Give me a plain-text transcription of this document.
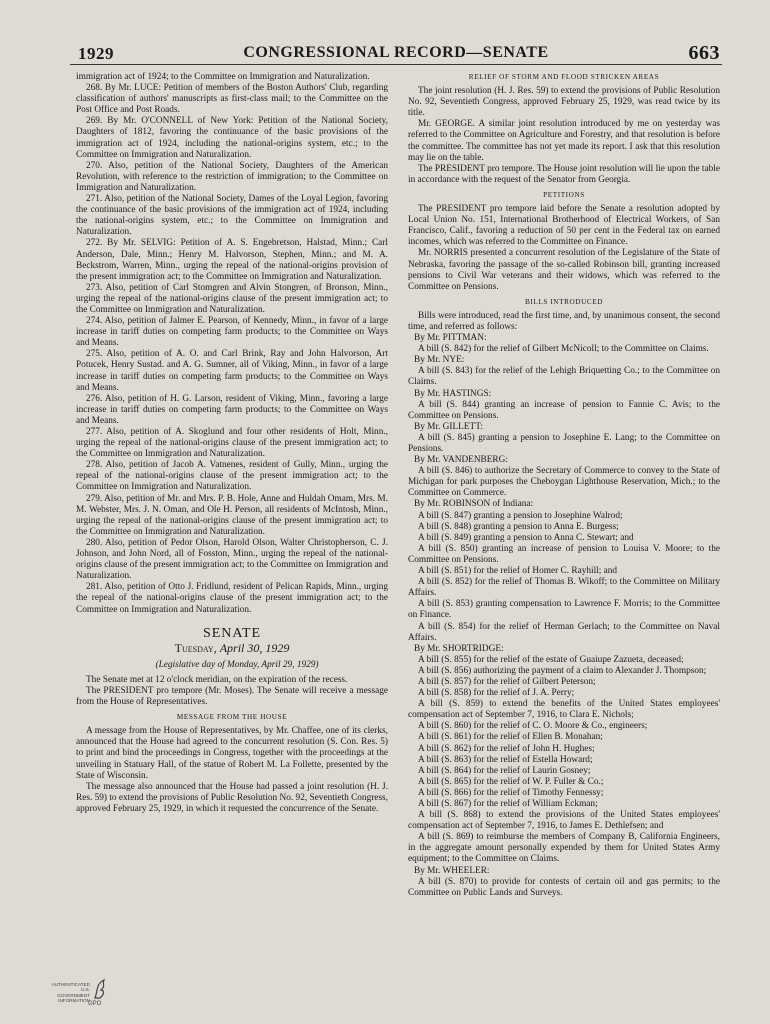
1929	CONGRESSIONAL RECORD—SENATE	663

immigration act of 1924; to the Committee on Immigration and Naturalization.

268. By Mr. LUCE: Petition of members of the Boston Authors' Club, regarding classification of authors' manuscripts as first-class mail; to the Committee on the Post Office and Post Roads.

269. By Mr. O'CONNELL of New York: Petition of the National Society, Daughters of 1812, favoring the continuance of the basic provisions of the immigration act of 1924, including the national-origins system, etc.; to the Committee on Immigration and Naturalization.

270. Also, petition of the National Society, Daughters of the American Revolution, with reference to the restriction of immigration; to the Committee on Immigration and Naturalization.

271. Also, petition of the National Society, Dames of the Loyal Legion, favoring the continuance of the basic provisions of the immigration act of 1924, including the national-origins system, etc.; to the Committee on Immigration and Naturalization.

272. By Mr. SELVIG: Petition of A. S. Engebretson, Halstad, Minn.; Carl Anderson, Dale, Minn.; Henry M. Halvorson, Stephen, Minn.; and M. A. Beckstrom, Warren, Minn., urging the repeal of the national-origins provision of the present immigration act; to the Committee on Immigration and Naturalization.

273. Also, petition of Carl Stomgren and Alvin Stongren, of Bronson, Minn., urging the repeal of the national-origins clause of the present immigration act; to the Committee on Immigration and Naturalization.

274. Also, petition of Jalmer E. Pearson, of Kennedy, Minn., in favor of a large increase in tariff duties on competing farm products; to the Committee on Ways and Means.

275. Also, petition of A. O. and Carl Brink, Ray and John Halvorson, Art Potucek, Henry Sustad. and A. G. Sumner, all of Viking, Minn., in favor of a large increase in tariff duties on competing farm products; to the Committee on Ways and Means.

276. Also, petition of H. G. Larson, resident of Viking, Minn., favoring a large increase in tariff duties on competing farm products; to the Committee on Ways and Means.

277. Also, petition of A. Skoglund and four other residents of Holt, Minn., urging the repeal of the national-origins clause of the present immigration act; to the Committee on Immigration and Naturalization.

278. Also, petition of Jacob A. Vatnenes, resident of Gully, Minn., urging the repeal of the national-origins clause of the present immigration act; to the Committee on Immigration and Naturalization.

279. Also, petition of Mr. and Mrs. P. B. Hole, Anne and Huldah Omam, Mrs. M. M. Webster, Mrs. J. N. Oman, and Ole H. Person, all residents of McIntosh, Minn., urging the repeal of the national-origins clause of the present immigration act; to the Committee on Immigration and Naturalization.

280. Also, petition of Pedor Olson, Harold Olson, Walter Christopherson, C. J. Johnson, and John Nord, all of Fosston, Minn., urging the repeal of the national-origins clause of the present immigration act; to the Committee on Immigration and Naturalization.

281. Also, petition of Otto J. Fridlund, resident of Pelican Rapids, Minn., urging the repeal of the national-origins clause of the present immigration act; to the Committee on Immigration and Naturalization.

SENATE
Tuesday, April 30, 1929

(Legislative day of Monday, April 29, 1929)

The Senate met at 12 o'clock meridian, on the expiration of the recess.

The PRESIDENT pro tempore (Mr. Moses). The Senate will receive a message from the House of Representatives.

MESSAGE FROM THE HOUSE

A message from the House of Representatives, by Mr. Chaffee, one of its clerks, announced that the House had agreed to the concurrent resolution (S. Con. Res. 5) to print and bind the proceedings in Congress, together with the proceedings at the unveiling in Statuary Hall, of the statue of Robert M. La Follette, presented by the State of Wisconsin.

The message also announced that the House had passed a joint resolution (H. J. Res. 59) to extend the provisions of Public Resolution No. 92, Seventieth Congress, approved February 25, 1929, in which it requested the concurrence of the Senate.

RELIEF OF STORM AND FLOOD STRICKEN AREAS

The joint resolution (H. J. Res. 59) to extend the provisions of Public Resolution No. 92, Seventieth Congress, approved February 25, 1929, was read twice by its title.

Mr. GEORGE. A similar joint resolution introduced by me on yesterday was referred to the Committee on Agriculture and Forestry, and that resolution is before the committee. The committee has not yet made its report. I ask that this resolution may lie on the table.

The PRESIDENT pro tempore. The House joint resolution will lie upon the table in accordance with the request of the Senator from Georgia.

PETITIONS

The PRESIDENT pro tempore laid before the Senate a resolution adopted by Local Union No. 151, International Brotherhood of Electrical Workers, of San Francisco, Calif., favoring a reduction of 50 per cent in the Federal tax on earned incomes, which was referred to the Committee on Finance.

Mr. NORRIS presented a concurrent resolution of the Legislature of the State of Nebraska, favoring the passage of the so-called Robinson bill, granting increased pensions to Civil War veterans and their widows, which was referred to the Committee on Pensions.

BILLS INTRODUCED

Bills were introduced, read the first time, and, by unanimous consent, the second time, and referred as follows:

By Mr. PITTMAN:

A bill (S. 842) for the relief of Gilbert McNicoll; to the Committee on Claims.

By Mr. NYE:

A bill (S. 843) for the relief of the Lehigh Briquetting Co.; to the Committee on Claims.

By Mr. HASTINGS:

A bill (S. 844) granting an increase of pension to Fannie C. Avis; to the Committee on Pensions.

By Mr. GILLETT:

A bill (S. 845) granting a pension to Josephine E. Lang; to the Committee on Pensions.

By Mr. VANDENBERG:

A bill (S. 846) to authorize the Secretary of Commerce to convey to the State of Michigan for park purposes the Cheboygan Lighthouse Reservation, Mich.; to the Committee on Commerce.

By Mr. ROBINSON of Indiana:

A bill (S. 847) granting a pension to Josephine Walrod;

A bill (S. 848) granting a pension to Anna E. Burgess;

A bill (S. 849) granting a pension to Anna C. Stewart; and

A bill (S. 850) granting an increase of pension to Louisa V. Moore; to the Committee on Pensions.

A bill (S. 851) for the relief of Homer C. Rayhill; and

A bill (S. 852) for the relief of Thomas B. Wikoff; to the Committee on Military Affairs.

A bill (S. 853) granting compensation to Lawrence F. Morris; to the Committee on Finance.

A bill (S. 854) for the relief of Herman Gerlach; to the Committee on Naval Affairs.

By Mr. SHORTRIDGE:

A bill (S. 855) for the relief of the estate of Guaiupe Zazueta, deceased;

A bill (S. 856) authorizing the payment of a claim to Alexander J. Thompson;

A bill (S. 857) for the relief of Gilbert Peterson;

A bill (S. 858) for the relief of J. A. Perry;

A bill (S. 859) to extend the benefits of the United States employees' compensation act of September 7, 1916, to Clara E. Nichols;

A bill (S. 860) for the relief of C. O. Moore & Co., engineers;

A bill (S. 861) for the relief of Ellen B. Monahan;

A bill (S. 862) for the relief of John H. Hughes;

A bill (S. 863) for the relief of Estella Howard;

A bill (S. 864) for the relief of Laurin Gosney;

A bill (S. 865) for the relief of W. P. Fuller & Co.;

A bill (S. 866) for the relief of Timothy Fennessy;

A bill (S. 867) for the relief of William Eckman;

A bill (S. 868) to extend the provisions of the United States employees' compensation act of September 7, 1916, to James E. Dethlefsen; and

A bill (S. 869) to reimburse the members of Company B, California Engineers, in the aggregate amount personally expended by them for United States Army equipment; to the Committee on Claims.

By Mr. WHEELER:

A bill (S. 870) to provide for contests of certain oil and gas permits; to the Committee on Public Lands and Surveys.

AUTHENTICATED U.S. GOVERNMENT INFORMATION
GPO
